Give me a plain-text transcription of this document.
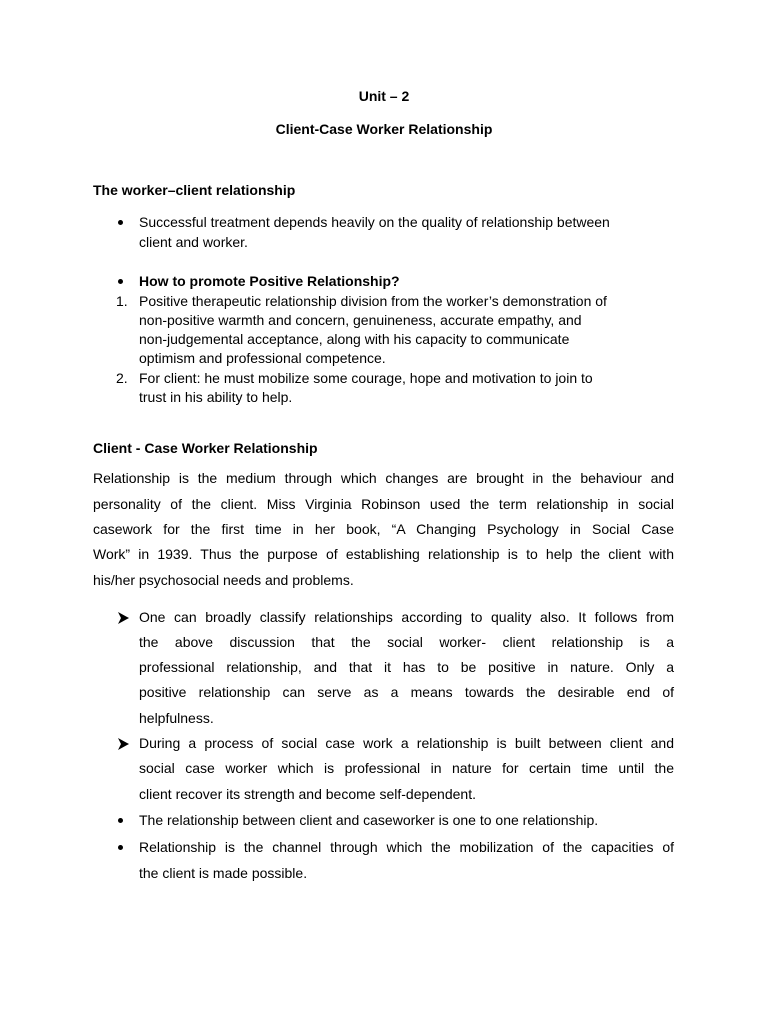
Unit – 2
Client-Case Worker Relationship
The worker–client relationship
Successful treatment depends heavily on the quality of relationship between
client and worker.
How to promote Positive Relationship?
1. Positive therapeutic relationship division from the worker’s demonstration of
non-positive warmth and concern, genuineness, accurate empathy, and
non-judgemental acceptance, along with his capacity to communicate
optimism and professional competence.
2. For client: he must mobilize some courage, hope and motivation to join to
trust in his ability to help.
Client - Case Worker Relationship
Relationship is the medium through which changes are brought in the behaviour and
personality of the client. Miss Virginia Robinson used the term relationship in social
casework for the first time in her book, “A Changing Psychology in Social Case
Work” in 1939. Thus the purpose of establishing relationship is to help the client with
his/her psychosocial needs and problems.
One can broadly classify relationships according to quality also. It follows from
the above discussion that the social worker- client relationship is a
professional relationship, and that it has to be positive in nature. Only a
positive relationship can serve as a means towards the desirable end of
helpfulness.
During a process of social case work a relationship is built between client and
social case worker which is professional in nature for certain time until the
client recover its strength and become self-dependent.
The relationship between client and caseworker is one to one relationship.
Relationship is the channel through which the mobilization of the capacities of
the client is made possible.
